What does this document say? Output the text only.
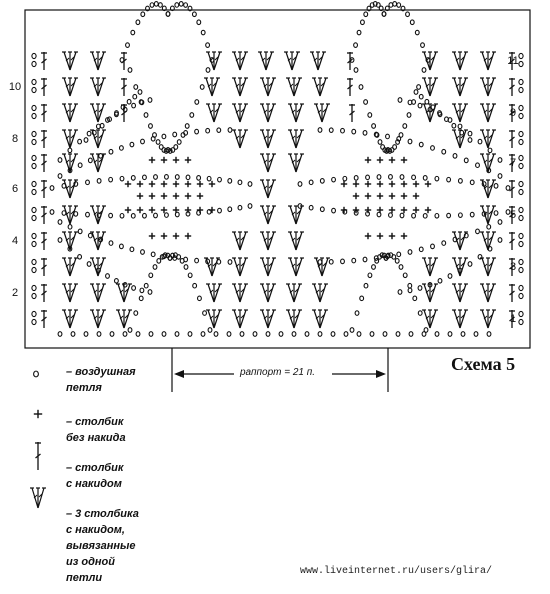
10
8
6
4
2
11
9
7
5
3
1
раппорт = 21 п.	Схема 5
– воздушная
петля
– столбик
без накида
– столбик
с накидом
– 3 столбика
с накидом,
вывязанные
из одной
петли
www.liveinternet.ru/users/glira/
